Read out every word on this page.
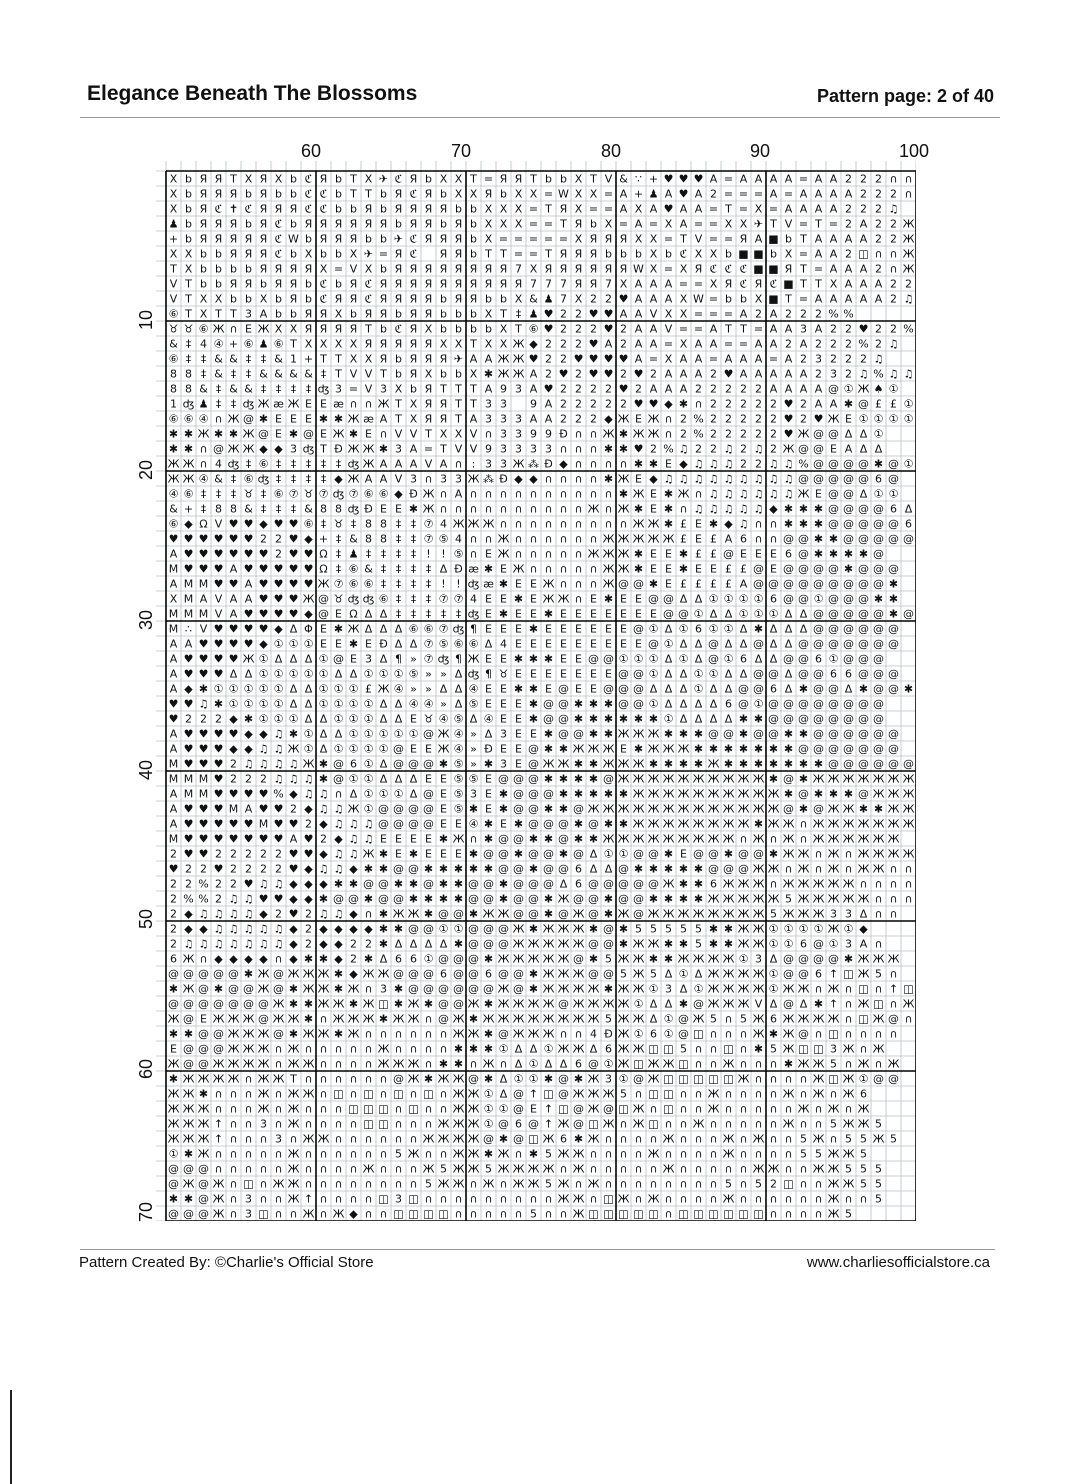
Elegance Beneath The Blossoms	Pattern page: 2 of 40
60	70	80	90	100
10
20
30
40
50
60
70
X b Я Я T X Я X b ℭ Я b T X ✈ ℭ Я b X X T = Я Я T b b X T V & ∵ + ♥ ♥ ♥ A = A A A A = A A 2 2 2 ∩ ∩
X b Я Я Я b Я b b ℭ ℭ b T T b Я ℭ Я b X X Я b X X = W X X = A + ♟ A ♥ A 2 = = = A = A A A A 2 2 2 ∩
X b Я ℭ ✝ ℭ Я Я Я ℭ ℭ b b Я b Я Я Я Я b b X X X = T Я X = = A X A ♥ A A = T = X = A A A A 2 2 2 ♫
♟ b Я Я Я b Я ℭ b Я Я Я Я Я Я b Я Я b Я b X X X = = T Я b X = A = X A = = X X ✈ T V = T = 2 A 2 2 Ж
+ b Я Я Я Я Я ℭ W b Я Я Я b b ✈ ℭ Я Я Я b X = = = = = X Я Я Я X X = T V = = Я A ■ b T A A A A 2 2 Ж
X X b b Я Я Я ℭ b X b b X ✈ = Я ℭ Я Я b T T = = T Я Я Я b b b X b ℭ X X b ■ ■ b X = A A 2 ◫ ∩ ∩ Ж
T X b b b b Я Я Я Я X = V X b Я Я Я Я Я Я Я Я 7 X Я Я Я Я Я Я W X = X Я ℭ ℭ ℭ ■ ■ Я T = A A A 2 ∩ Ж
V T b b Я Я b Я Я b ℭ b Я ℭ Я Я Я Я Я Я Я Я Я Я 7 7 7 Я Я 7 X A A A = = X Я ℭ Я ℭ ■ T T X A A A 2 2
V T X X b b X b Я b ℭ Я Я ℭ Я Я Я Я b Я Я b b X & ♟ 7 X 2 2 ♥ A A A X W = b b X ■ T = A A A A A 2 ♫
⑥ T X T T 3 A b b Я Я X b Я Я b Я Я b b b X T ‡ ♟ ♥ 2 2 ♥ ♥ A A V X X = = = A 2 A 2 2 2 % %
♉ ♉ ⑥ Ж ∩ E Ж X X Я Я Я Я T b ℭ Я X b b b b X T ⑥ ♥ 2 2 2 ♥ 2 A A V = = A T T = A A 3 A 2 2 ♥ 2 2 %
& ‡ 4 ④ + ⑥ ♟ ⑥ T X X X X Я Я Я Я Я X X T X X Ж ◆ 2 2 2 ♥ A 2 A A = X A A = = A A 2 A 2 2 2 % 2 ♫
⑥ ‡ ‡ & & ‡ ‡ & 1 + T T X X Я b Я Я Я ✈ A A Ж Ж ♥ 2 2 ♥ ♥ ♥ ♥ A = X A A = A A A = A 2 3 2 2 2 ♫
8 8 ‡ & ‡ ‡ & & & & ‡ T V V T b Я X b b X ✱ Ж Ж A 2 ♥ 2 ♥ ♥ 2 ♥ 2 A A A 2 ♥ A A A A A 2 3 2 ♫ % ♫ ♫
8 8 & ‡ & & ‡ ‡ ‡ ‡ ʤ 3 = V 3 X b Я T T T A 9 3 A ♥ 2 2 2 2 ♥ 2 A A A 2 2 2 2 2 A A A A @ ① Ж ♠ ①
1 ʤ ♟ ‡ ‡ ʤ Ж æ Ж E E æ ∩ ∩ Ж T X Я Я T T 3 3 9 A 2 2 2 2 2 ♥ ♥ ◆ ✱ ∩ 2 2 2 2 2 ♥ 2 A A ✱ @ £ £ ①
⑥ ⑥ ④ ∩ Ж @ ✱ E E E ✱ ✱ Ж æ A T X Я Я T A 3 3 3 A A 2 2 2 ◆ Ж E Ж ∩ 2 % 2 2 2 2 2 ♥ 2 ♥ Ж E ① ① ① ①
✱ ✱ Ж ✱ ✱ Ж @ E ✱ @ E Ж ✱ E ∩ V V T X X V ∩ 3 3 9 9 Ɖ ∩ ∩ Ж ✱ Ж Ж ∩ 2 % 2 2 2 2 2 ♥ Ж @ @ Δ Δ ①
✱ ✱ ∩ @ Ж Ж ◆ ◆ 3 ʤ T Ɖ Ж Ж ✱ 3 A = T V V 9 3 3 3 3 ∩ ∩ ∩ ✱ ✱ ♥ 2 % ♫ 2 2 ♫ 2 ♫ 2 Ж @ @ E A Δ Δ
Ж Ж ∩ 4 ʤ ‡ ⑥ ‡ ‡ ‡ ‡ ‡ ʤ Ж A A A V A ∩ : 3 3 Ж ⁂ Ɖ ◆ ∩ ∩ ∩ ∩ ✱ ✱ E ◆ ♫ ♫ ♫ 2 2 ♫ ♫ % @ @ @ @ ✱ @ ①
Ж Ж ④ & ‡ ⑥ ʤ ‡ ‡ ‡ ‡ ◆ Ж A A V 3 ∩ 3 3 Ж ⁂ Ɖ ◆ ◆ ∩ ∩ ∩ ∩ ✱ Ж E ◆ ♫ ♫ ♫ ♫ ♫ ♫ ♫ ♫ ♫ @ @ @ @ @ 6 @
④ ⑥ ‡ ‡ ‡ ♉ ‡ ⑥ ⑦ ♉ ⑦ ʤ ⑦ ⑥ ⑥ ◆ Ɖ Ж ∩ A ∩ ∩ ∩ ∩ ∩ ∩ ∩ ∩ ∩ ∩ ✱ Ж E ✱ Ж ∩ ♫ ♫ ♫ ♫ ♫ ♫ Ж E @ @ Δ ① ①
& + ‡ 8 8 & ‡ ‡ ‡ & 8 8 ʤ Ɖ E E ✱ Ж ∩ ∩ ∩ ∩ ∩ ∩ ∩ ∩ ∩ ∩ Ж ∩ Ж ✱ E ✱ ∩ ♫ ♫ ♫ ♫ ♫ ◆ ✱ ✱ ✱ @ @ @ @ 6 Δ
⑥ ◆ Ω V ♥ ♥ ◆ ♥ ♥ ⑥ ‡ ♉ ‡ 8 8 ‡ ‡ ⑦ 4 Ж Ж Ж ∩ ∩ ∩ ∩ ∩ ∩ ∩ ∩ ∩ Ж Ж ✱ £ E ✱ ◆ ♫ ∩ ∩ ✱ ✱ ✱ @ @ @ @ @ 6
♥ ♥ ♥ ♥ ♥ ♥ 2 2 ♥ ◆ + ‡ & 8 8 ‡ ‡ ⑦ ⑤ 4 ∩ ∩ Ж ∩ ∩ ∩ ∩ ∩ ∩ Ж Ж Ж Ж Ж £ E £ A 6 ∩ ∩ @ @ ✱ ✱ @ @ @ @ @
A ♥ ♥ ♥ ♥ ♥ ♥ 2 ♥ ♥ Ω ‡ ♟ ‡ ‡ ‡ ‡ ! ! ⑤ ∩ E Ж ∩ ∩ ∩ ∩ ∩ Ж Ж Ж ✱ E E ✱ £ £ @ E E E 6 @ ✱ ✱ ✱ ✱ @
M ♥ ♥ ♥ A ♥ ♥ ♥ ♥ ♥ Ω ‡ ⑥ & ‡ ‡ ‡ ‡ Δ Ɖ æ ✱ E Ж ∩ ∩ ∩ ∩ ∩ Ж Ж ✱ E E ✱ E E £ £ @ E @ @ @ @ ✱ @ @ @
A M M ♥ ♥ A ♥ ♥ ♥ ♥ Ж ⑦ ⑥ ⑥ ‡ ‡ ‡ ‡ ! ! ʤ æ ✱ E E Ж ∩ ∩ ∩ Ж @ @ ✱ E £ £ £ £ A @ @ @ @ @ @ @ @ @ ✱
X M A V A A ♥ ♥ ♥ Ж @ ♉ ʤ ʤ ⑥ ‡ ‡ ‡ ⑦ ⑦ 4 E E ✱ E Ж Ж ∩ E ✱ E E @ @ Δ Δ ① ① ① ① 6 @ @ ① @ @ @ ✱ ✱
M M M V A ♥ ♥ ♥ ♥ ◆ @ E Ω Δ Δ ‡ ‡ ‡ ‡ ‡ ʤ E ✱ E E ✱ E E E E E E E @ @ ① Δ Δ ① ① ① Δ Δ @ @ @ @ @ ✱ @
M ∴ V ♥ ♥ ♥ ♥ ◆ Δ Φ E ✱ Ж Δ Δ Δ ⑥ ⑥ ⑦ ʤ ¶ E E E ✱ E E E E E E @ ① Δ ① 6 ① ① Δ ✱ Δ Δ Δ @ @ @ @ @ @
A A ♥ ♥ ♥ ♥ ◆ ① ① ① E E ✱ E Ɖ Δ Δ ⑦ ⑤ ⑥ ⑥ Δ 4 E E E E E E E E E @ ① Δ Δ @ Δ Δ @ Δ Δ @ @ @ @ @ @ @
A ♥ ♥ ♥ ♥ Ж ① Δ Δ Δ ① @ E 3 Δ ¶ » ⑦ ʤ ¶ Ж E E ✱ ✱ ✱ E E @ @ ① ① ① Δ ① Δ @ ① 6 Δ Δ @ @ 6 ① @ @ @
A ♥ ♥ ♥ Δ Δ ① ① ① ① ① Δ Δ ① ① ① ⑤ » » Δ ʤ ¶ ♉ E E E E E E E @ @ ① Δ Δ ① ① Δ Δ @ @ Δ @ @ 6 6 @ @ @
A ◆ ✱ ① ① ① ① ① Δ Δ ① ① ① £ Ж ④ » » Δ Δ ④ E E ✱ ✱ E @ E E @ @ @ Δ Δ Δ ① Δ Δ @ @ 6 Δ ✱ @ @ Δ ✱ @ @ ✱
♥ ♥ ♫ ✱ ① ① ① ① Δ Δ ① ① ① ① Δ Δ ④ ④ » Δ ⑤ E E E ✱ @ @ ✱ ✱ ✱ @ @ ① Δ Δ Δ Δ 6 @ ① @ @ @ @ @ @ @ @
♥ 2 2 2 ◆ ✱ ① ① ① Δ Δ ① ① ① Δ Δ E ♉ ④ ⑤ Δ ④ E E ✱ @ @ ✱ ✱ ✱ ✱ ✱ ✱ ① Δ Δ Δ Δ ✱ ✱ @ @ @ @ @ @ @ @
A ♥ ♥ ♥ ♥ ◆ ◆ ♫ ✱ ① Δ Δ ① ① ① ① ① @ Ж ④ » Δ 3 E E ✱ @ @ ✱ ✱ Ж Ж Ж ✱ ✱ ✱ @ @ ✱ @ @ ✱ ✱ @ @ @ @ @ @
A ♥ ♥ ♥ ◆ ◆ ♫ ♫ Ж ① Δ ① ① ① ① @ E E Ж ④ » Ɖ E E @ ✱ ✱ Ж Ж Ж E ✱ Ж Ж Ж ✱ ✱ ✱ ✱ ✱ ✱ ✱ @ @ @ @ @ @ @
M ♥ ♥ ♥ 2 ♫ ♫ ♫ ♫ Ж ✱ @ 6 ① Δ @ @ @ ✱ ⑤ » ✱ 3 E @ Ж Ж ✱ ✱ Ж Ж Ж ✱ ✱ ✱ ✱ Ж ✱ ✱ ✱ ✱ ✱ ✱ ✱ @ @ @ @ @ @
M M M ♥ 2 2 2 ♫ ♫ ♫ ✱ @ ① ① Δ Δ Δ E E ⑤ ⑤ E @ @ @ ✱ ✱ ✱ ✱ @ Ж Ж Ж Ж Ж Ж Ж Ж Ж Ж ✱ @ ✱ Ж Ж Ж Ж Ж Ж Ж
A M M ♥ ♥ ♥ ♥ % ◆ ♫ ♫ ∩ Δ ① ① ① Δ @ E ⑤ 3 E ✱ @ @ @ ✱ ✱ ✱ ✱ ✱ Ж Ж Ж Ж Ж Ж Ж Ж Ж Ж ✱ @ ✱ ✱ ✱ @ Ж Ж Ж
A ♥ ♥ ♥ M A ♥ ♥ 2 ◆ ♫ ♫ Ж ① @ @ @ @ E ⑤ ✱ E ✱ @ @ ✱ ✱ @ Ж Ж Ж Ж Ж Ж Ж Ж Ж Ж Ж Ж Ж @ ✱ @ Ж Ж ✱ ✱ Ж Ж
A ♥ ♥ ♥ ♥ ♥ M ♥ ♥ 2 ◆ ♫ ♫ ♫ @ @ @ @ E E ④ ✱ E ✱ @ @ @ ✱ @ ✱ ✱ Ж Ж Ж Ж Ж Ж Ж Ж ✱ Ж Ж ∩ Ж Ж Ж Ж Ж Ж Ж
M ♥ ♥ ♥ ♥ ♥ ♥ ♥ A ♥ 2 ◆ ♫ ♫ E E E E ✱ Ж ∩ ✱ @ @ ✱ ✱ @ ✱ ✱ Ж Ж Ж Ж Ж Ж Ж Ж Ж ∩ Ж ∩ Ж ∩ Ж Ж Ж Ж Ж Ж
2 ♥ ♥ 2 2 2 2 2 ♥ ♥ ◆ ♫ ♫ Ж ✱ E ✱ E E E ✱ @ @ ✱ @ @ ✱ @ Δ ① ① @ @ ✱ E @ @ ✱ @ @ ✱ Ж Ж ∩ Ж ∩ Ж Ж Ж Ж
♥ 2 2 ♥ 2 2 2 2 ♥ ◆ ♫ ♫ ◆ ✱ ✱ @ @ ✱ ✱ ✱ ✱ ✱ @ @ ✱ @ @ 6 Δ Δ @ ✱ ✱ ✱ ✱ ✱ @ @ @ Ж Ж ∩ Ж ∩ Ж ∩ Ж Ж ∩ ∩
2 2 % 2 2 ♥ ♫ ♫ ◆ ◆ ◆ ✱ ✱ @ @ ✱ ✱ @ ✱ ✱ @ @ ✱ @ @ @ Δ 6 @ @ @ @ @ Ж ✱ ✱ 6 Ж Ж Ж ∩ Ж Ж Ж Ж Ж ∩ ∩ ∩ ∩
2 % % 2 ♫ ♫ ♥ ♥ ◆ ◆ ✱ @ @ ✱ @ @ ✱ ✱ ✱ ✱ @ @ ✱ @ @ ✱ Ж @ @ ✱ @ @ ✱ ✱ ✱ ✱ Ж Ж Ж Ж Ж 5 Ж Ж Ж Ж Ж ∩ ∩ ∩
2 ◆ ♫ ♫ ♫ ♫ ◆ 2 ♥ 2 ♫ ♫ ◆ ∩ ✱ Ж Ж ✱ @ @ ✱ Ж Ж @ @ ✱ @ Ж @ ✱ Ж @ Ж Ж Ж Ж Ж Ж Ж Ж 5 Ж Ж Ж 3 3 Δ ∩ ∩
2 ◆ ◆ ♫ ♫ ♫ ♫ ♫ ◆ 2 ◆ ◆ ◆ ◆ ✱ ✱ @ @ ① ① @ @ @ Ж ✱ Ж Ж Ж ✱ @ ✱ 5 5 5 5 5 ✱ ✱ Ж Ж ① ① ① ① Ж ① ◆
2 ♫ ♫ ♫ ♫ ♫ ♫ ♫ ◆ 2 ◆ ◆ 2 2 ✱ Δ Δ Δ Δ ✱ @ @ @ Ж Ж Ж Ж Ж @ @ ✱ Ж Ж ✱ ✱ 5 ✱ ✱ Ж Ж ① ① 6 @ ① 3 A ∩
6 Ж ∩ ◆ ◆ ◆ ◆ ∩ ◆ ✱ ✱ ◆ 2 ✱ Δ 6 6 ① @ @ @ ✱ Ж Ж Ж Ж Ж @ ✱ 5 Ж Ж ✱ ✱ Ж Ж Ж Ж ① 3 Δ @ @ @ @ ✱ Ж Ж Ж
@ @ @ @ @ ✱ Ж @ Ж Ж Ж ✱ ◆ Ж Ж @ @ @ 6 @ @ 6 @ @ ✱ Ж Ж Ж @ @ 5 Ж 5 Δ ① Δ Ж Ж Ж Ж ① @ @ 6 ↑ ◫ Ж 5 ∩
✱ Ж @ ✱ @ @ Ж @ ✱ Ж Ж ✱ Ж ∩ 3 ✱ @ @ @ @ @ @ Ж @ ✱ Ж Ж Ж Ж ✱ Ж Ж ① 3 Δ ① Ж Ж Ж Ж ① Ж Ж ∩ Ж ∩ ◫ ∩ ↑ ◫
@ @ @ @ @ @ @ Ж ✱ ✱ Ж Ж ✱ Ж ◫ ✱ Ж ✱ @ @ Ж ✱ Ж Ж Ж Ж @ Ж Ж Ж Ж ① Δ Δ ✱ @ Ж Ж Ж V Δ @ Δ ✱ ↑ ∩ Ж ◫ ∩ Ж
Ж @ E Ж Ж Ж @ Ж Ж ✱ ∩ Ж Ж Ж ✱ Ж Ж ∩ @ Ж ✱ Ж Ж Ж Ж Ж Ж Ж Ж 5 Ж Ж Δ ① @ Ж 5 ∩ 5 Ж 6 Ж Ж Ж Ж ∩ ◫ Ж @ ∩
✱ ✱ @ @ Ж Ж Ж @ ✱ Ж Ж ✱ Ж ∩ ∩ ∩ ∩ ∩ ∩ Ж Ж ✱ @ Ж Ж Ж ∩ ∩ 4 Ɖ Ж ① 6 ① @ ◫ ∩ ∩ ∩ Ж ✱ Ж @ ∩ ◫ ∩ ∩ ∩ ∩
E @ @ @ Ж Ж Ж ∩ Ж ∩ ∩ ∩ ∩ ∩ Ж ∩ ∩ ∩ ∩ ✱ ✱ ✱ ① Δ Δ ① Ж Ж Δ 6 Ж Ж ◫ ◫ 5 ∩ ∩ ◫ ∩ ✱ 5 Ж ◫ ◫ 3 Ж ∩ Ж
Ж @ @ Ж Ж Ж Ж ∩ Ж Ж ∩ ∩ ∩ ∩ Ж Ж Ж ∩ ✱ ✱ ∩ Ж ∩ Δ ① Δ Δ 6 @ ① Ж ◫ Ж Ж ◫ ∩ ∩ Ж ∩ ∩ ∩ ✱ Ж Ж 5 ∩ Ж ∩ Ж
✱ Ж Ж Ж Ж ∩ Ж Ж T ∩ ∩ ∩ ∩ ∩ ∩ @ Ж ✱ Ж Ж @ ✱ Δ ① ① ✱ @ ✱ Ж 3 ① @ Ж ◫ ◫ ◫ ◫ ◫ Ж ∩ ∩ ∩ ∩ Ж ◫ Ж ① @ @
Ж Ж ✱ ∩ ∩ ∩ Ж ∩ Ж Ж ∩ ◫ ∩ ◫ ∩ ◫ ∩ ◫ ∩ Ж Ж ① Δ @ ↑ ◫ @ Ж Ж Ж 5 ∩ ◫ ◫ ∩ ∩ Ж ∩ ∩ ∩ ∩ Ж ∩ Ж ∩ Ж 6
Ж Ж Ж ∩ ∩ ∩ Ж ∩ Ж ∩ ∩ ∩ ◫ ◫ ◫ ∩ ◫ ∩ ∩ Ж Ж ① ① @ E ↑ ◫ @ Ж @ ◫ Ж ∩ ◫ ∩ ∩ Ж ∩ ∩ ∩ ∩ ∩ Ж ∩ Ж ∩ Ж
Ж Ж Ж ↑ ∩ ∩ 3 ∩ Ж ∩ ∩ ∩ ∩ ◫ ◫ ∩ ∩ ∩ Ж Ж Ж ① @ 6 @ ↑ Ж @ ◫ Ж ∩ Ж ◫ ∩ ∩ Ж ∩ ∩ ∩ ∩ ∩ Ж ∩ ∩ 5 Ж Ж 5
Ж Ж Ж ↑ ∩ ∩ ∩ 3 ∩ Ж Ж ∩ ∩ ∩ ∩ ∩ ∩ Ж Ж Ж Ж @ ✱ @ ◫ Ж 6 ✱ Ж ∩ ∩ ∩ ∩ Ж ∩ ∩ ∩ Ж ∩ Ж ∩ ∩ 5 Ж ∩ 5 5 Ж 5
① ✱ Ж ∩ ∩ ∩ ∩ ∩ Ж ∩ ∩ ∩ ∩ ∩ ∩ 5 Ж ∩ ∩ Ж Ж ✱ Ж ∩ ✱ 5 Ж Ж ∩ ∩ ∩ ∩ Ж ∩ ∩ ∩ ∩ Ж ∩ ∩ ∩ ∩ 5 5 Ж Ж 5
@ @ @ ∩ ∩ ∩ ∩ ∩ Ж ∩ ∩ ∩ ∩ Ж ∩ ∩ ∩ Ж 5 Ж Ж 5 Ж Ж Ж Ж ∩ Ж ∩ ∩ ∩ ∩ ∩ Ж ∩ ∩ ∩ ∩ ∩ Ж Ж ∩ ∩ Ж Ж 5 5 5
@ Ж @ Ж ∩ ◫ ∩ Ж Ж ∩ ∩ ∩ ∩ ∩ ∩ ∩ ∩ 5 Ж Ж ∩ Ж ∩ Ж Ж 5 Ж ∩ Ж ∩ ∩ ∩ ∩ ∩ ∩ ∩ ∩ 5 ∩ 5 2 ◫ ∩ ∩ Ж Ж 5 5
✱ ✱ @ Ж ∩ 3 ∩ ∩ Ж ↑ ∩ ∩ ∩ ∩ ◫ 3 ◫ ∩ ∩ ∩ ∩ ∩ ∩ ∩ ∩ ∩ Ж Ж ∩ ◫ Ж ∩ Ж ∩ ∩ ∩ ∩ Ж ∩ ∩ ∩ ∩ ∩ ∩ Ж ∩ ∩ 5
@ @ @ Ж ∩ 3 ◫ ∩ ∩ Ж ∩ Ж ◆ ∩ ∩ ◫ ◫ ◫ ◫ ∩ ∩ ∩ ∩ ∩ 5 ∩ ∩ Ж ◫ ◫ ◫ ◫ ◫ ∩ ◫ ◫ ◫ ◫ ◫ ◫ ∩ ∩ ∩ ∩ Ж 5
Pattern Created By: ©Charlie's Official Store	www.charliesofficialstore.ca
